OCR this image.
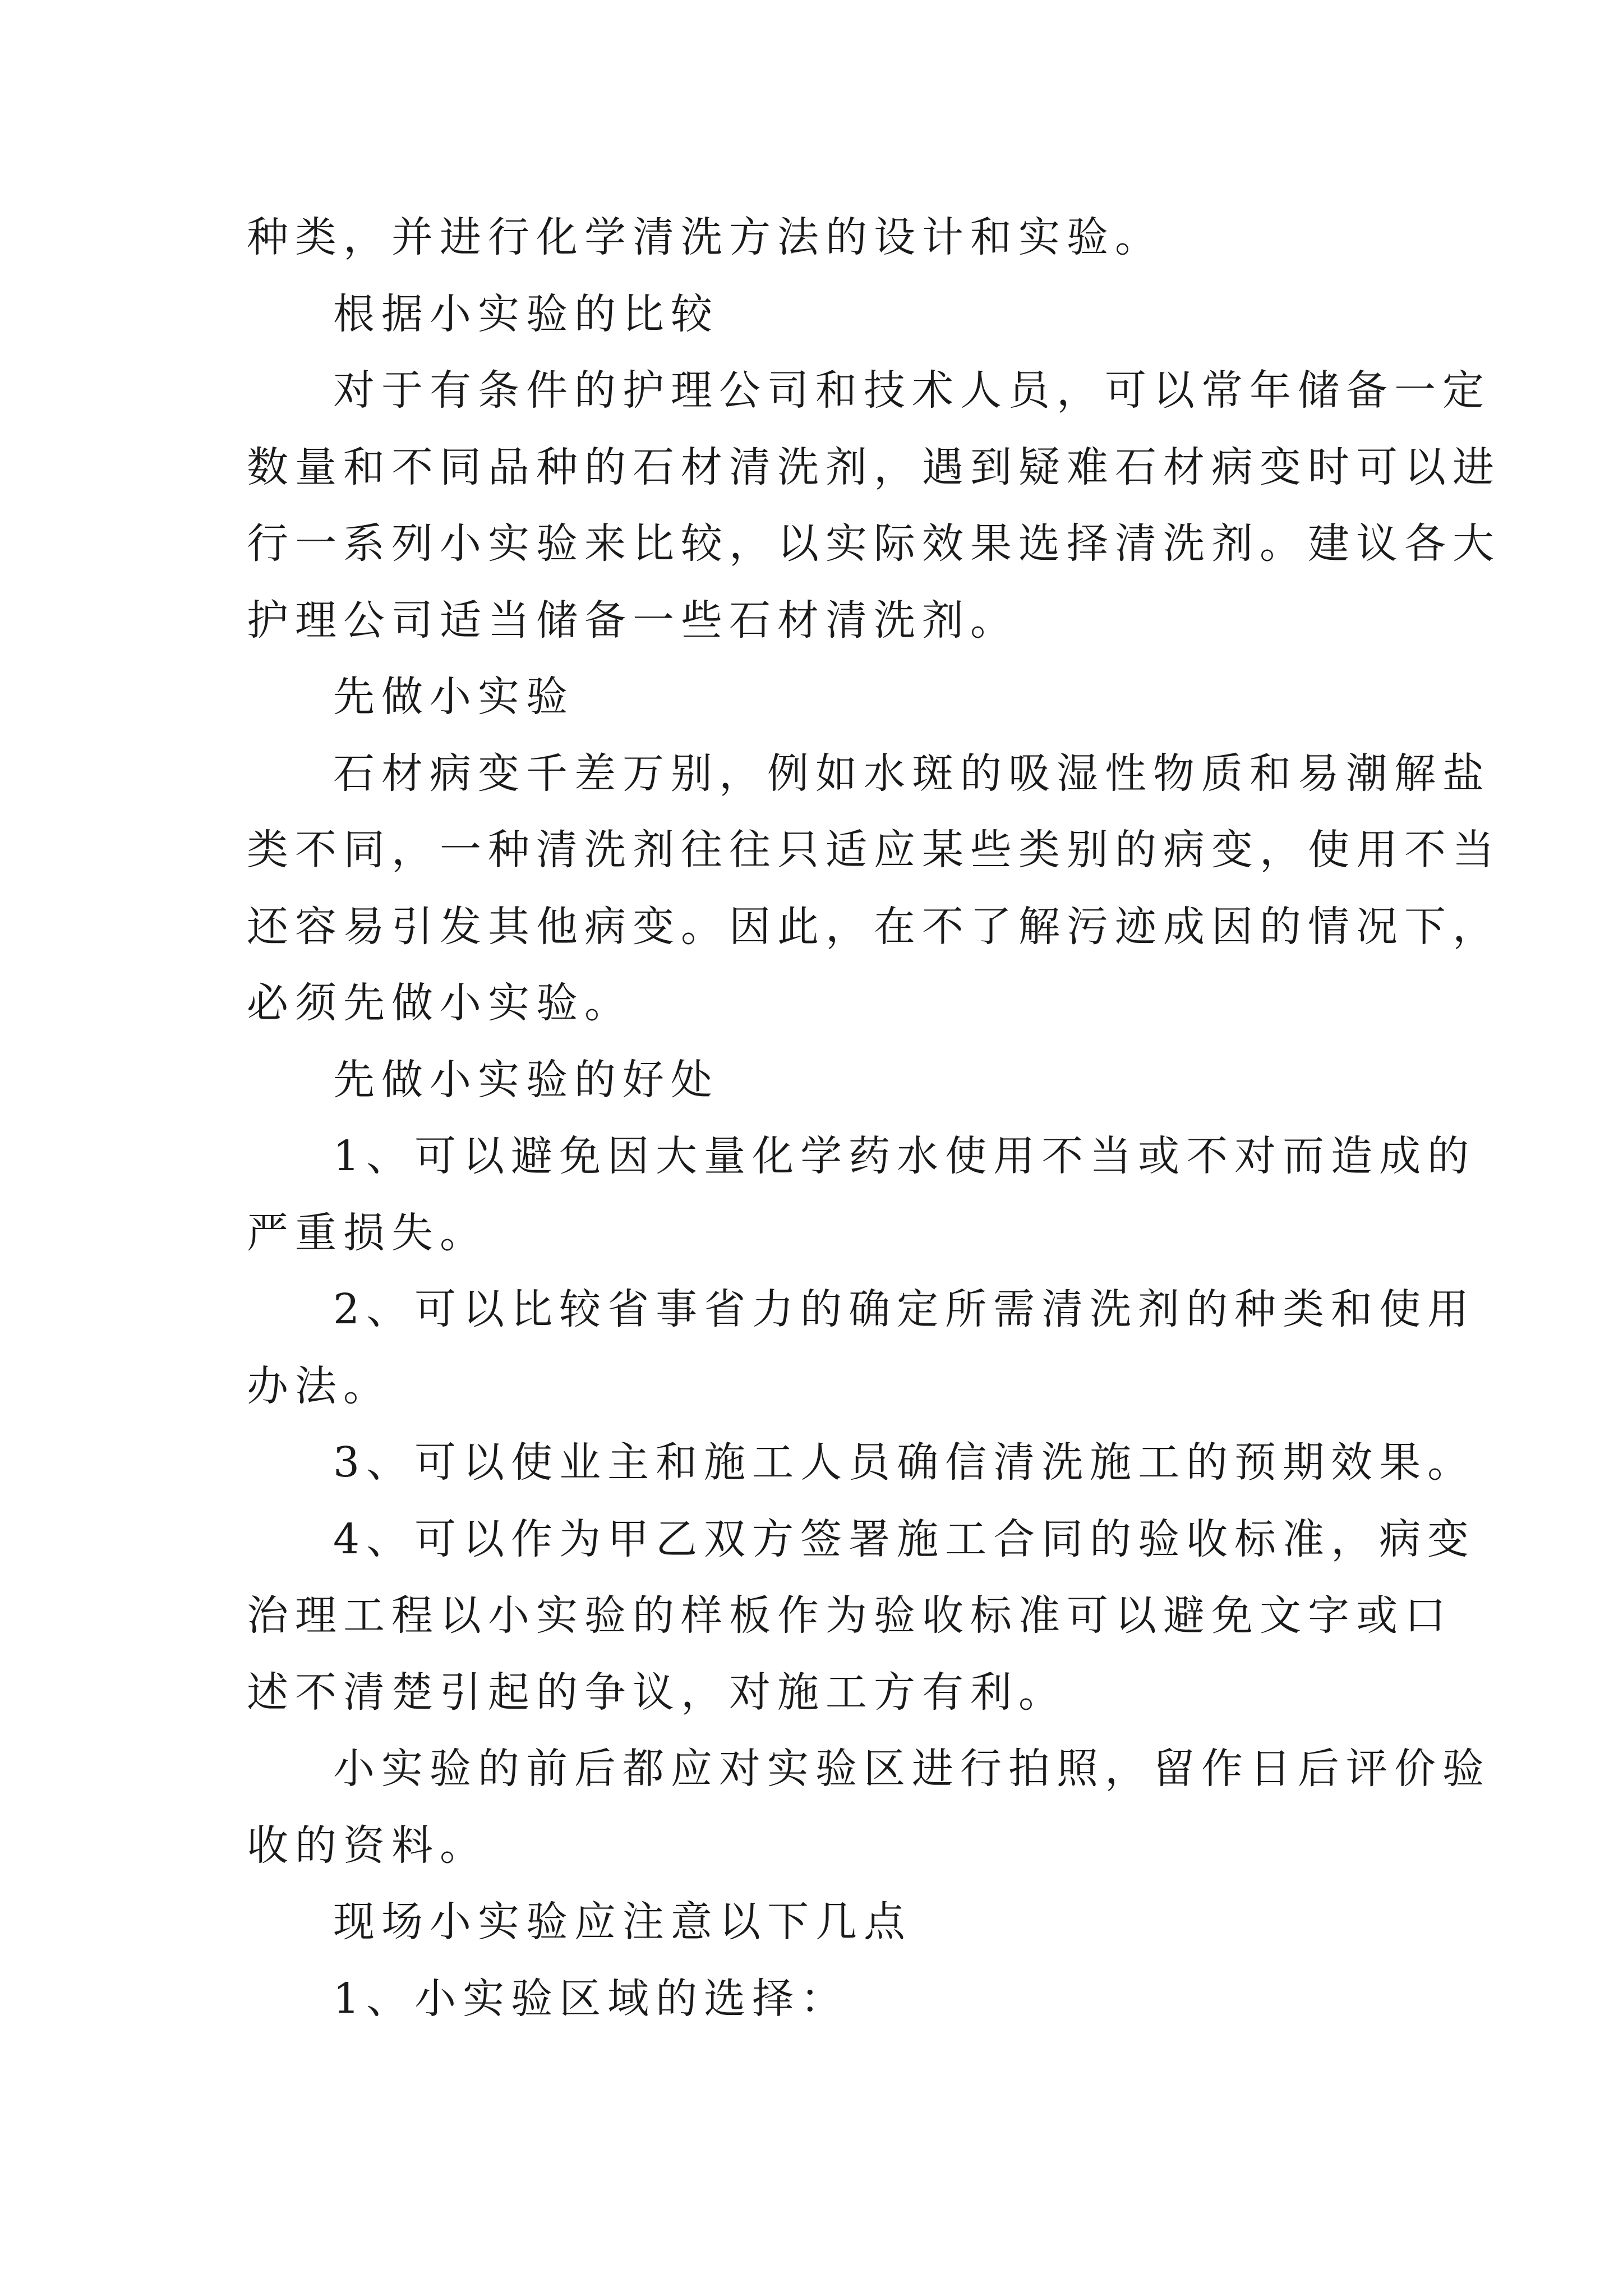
种类，并进行化学清洗方法的设计和实验。
根据小实验的比较
对于有条件的护理公司和技术人员，可以常年储备一定
数量和不同品种的石材清洗剂，遇到疑难石材病变时可以进
行一系列小实验来比较，以实际效果选择清洗剂。建议各大
护理公司适当储备一些石材清洗剂。
先做小实验
石材病变千差万别，例如水斑的吸湿性物质和易潮解盐
类不同，一种清洗剂往往只适应某些类别的病变，使用不当
还容易引发其他病变。因此，在不了解污迹成因的情况下，
必须先做小实验。
先做小实验的好处
1、可以避免因大量化学药水使用不当或不对而造成的
严重损失。
2、可以比较省事省力的确定所需清洗剂的种类和使用
办法。
3、可以使业主和施工人员确信清洗施工的预期效果。
4、可以作为甲乙双方签署施工合同的验收标准，病变
治理工程以小实验的样板作为验收标准可以避免文字或口
述不清楚引起的争议，对施工方有利。
小实验的前后都应对实验区进行拍照，留作日后评价验
收的资料。
现场小实验应注意以下几点
1、小实验区域的选择：
